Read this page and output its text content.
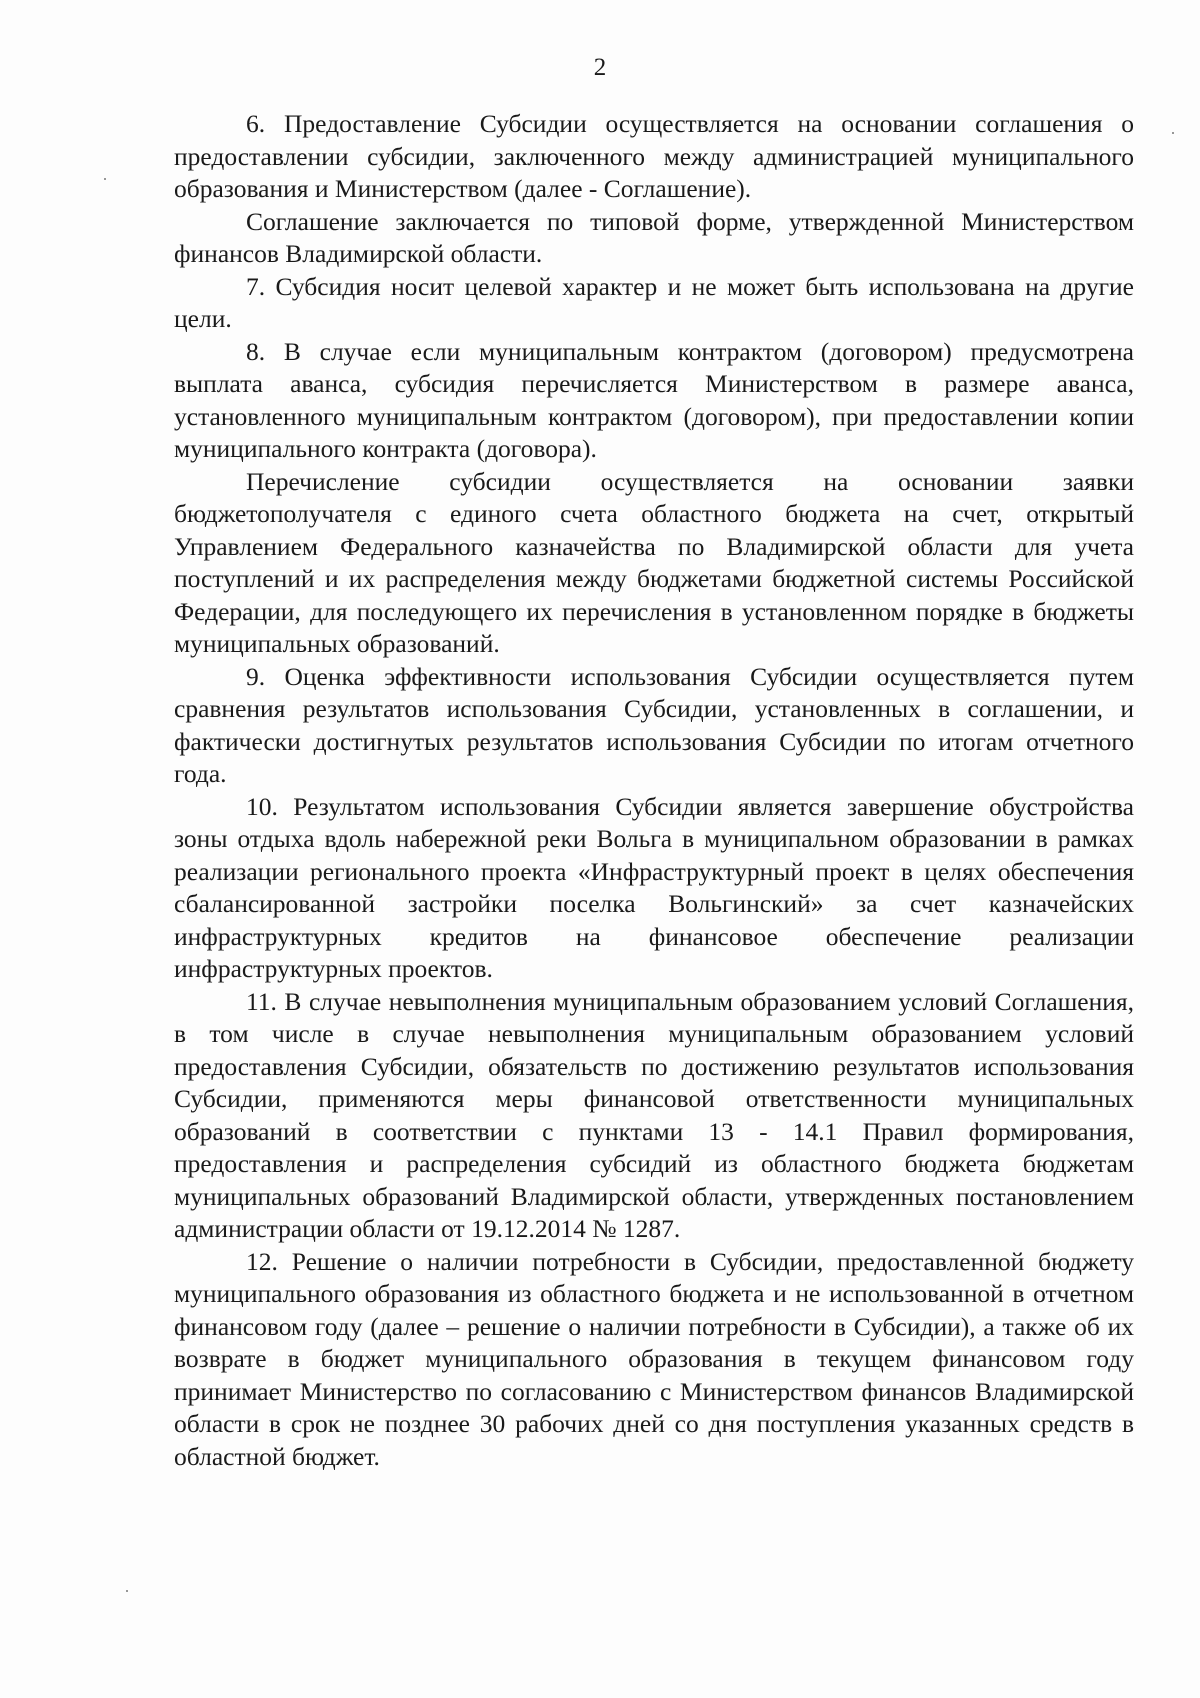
2

6. Предоставление Субсидии осуществляется на основании соглашения о предоставлении субсидии, заключенного между администрацией муниципального образования и Министерством (далее - Соглашение).

Соглашение заключается по типовой форме, утвержденной Министерством финансов Владимирской области.

7. Субсидия носит целевой характер и не может быть использована на другие цели.

8. В случае если муниципальным контрактом (договором) предусмотрена выплата аванса, субсидия перечисляется Министерством в размере аванса, установленного муниципальным контрактом (договором), при предоставлении копии муниципального контракта (договора).

Перечисление субсидии осуществляется на основании заявки бюджетополучателя с единого счета областного бюджета на счет, открытый Управлением Федерального казначейства по Владимирской области для учета поступлений и их распределения между бюджетами бюджетной системы Российской Федерации, для последующего их перечисления в установленном порядке в бюджеты муниципальных образований.

9. Оценка эффективности использования Субсидии осуществляется путем сравнения результатов использования Субсидии, установленных в соглашении, и фактически достигнутых результатов использования Субсидии по итогам отчетного года.

10. Результатом использования Субсидии является завершение обустройства зоны отдыха вдоль набережной реки Вольга в муниципальном образовании в рамках реализации регионального проекта «Инфраструктурный проект в целях обеспечения сбалансированной застройки поселка Вольгинский» за счет казначейских инфраструктурных кредитов на финансовое обеспечение реализации инфраструктурных проектов.

11. В случае невыполнения муниципальным образованием условий Соглашения, в том числе в случае невыполнения муниципальным образованием условий предоставления Субсидии, обязательств по достижению результатов использования Субсидии, применяются меры финансовой ответственности муниципальных образований в соответствии с пунктами 13 - 14.1 Правил формирования, предоставления и распределения субсидий из областного бюджета бюджетам муниципальных образований Владимирской области, утвержденных постановлением администрации области от 19.12.2014 № 1287.

12. Решение о наличии потребности в Субсидии, предоставленной бюджету муниципального образования из областного бюджета и не использованной в отчетном финансовом году (далее – решение о наличии потребности в Субсидии), а также об их возврате в бюджет муниципального образования в текущем финансовом году принимает Министерство по согласованию с Министерством финансов Владимирской области в срок не позднее 30 рабочих дней со дня поступления указанных средств в областной бюджет.
